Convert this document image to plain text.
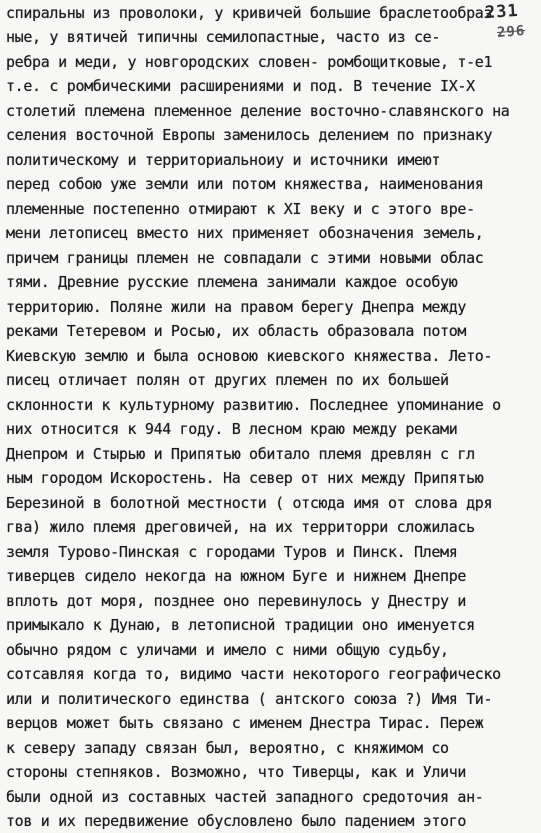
231
296
спиральны из проволоки, у кривичей большие браслетообраз
ные, у вятичей типичны семилопастные, часто из се-
ребра и меди, у новгородских словен- ромбощитковые, т-е1
т.е. с ромбическими расширениями и под. В течение IX-X
столетий племена племенное деление восточно-славянского на
селения восточной Европы заменилось делением по признаку
политическому и территориальноиу и источники имеют
перед собою уже земли или потом княжества, наименования
племенные постепенно отмирают к XI веку и с этого вре-
мени летописец вместо них применяет обозначения земель,
причем границы племен не совпадали с этими новыми облас
тями. Древние русские племена занимали каждое особую
территорию. Поляне жили на правом берегу Днепра между
реками Тетеревом и Росью, их область образовала потом
Киевскую землю и была основою киевского княжества. Лето-
писец отличает полян от других племен по их большей
склонности к культурному развитию. Последнее упоминание о
них относится к 944 году. В лесном краю между реками
Днепром и Стырью и Припятью обитало племя древлян с гл
ным городом Искоростень. На север от них между Припятью
Березиной в болотной местности ( отсюда имя от слова дря
гва) жило племя дреговичей, на их территорри сложилась
земля Турово-Пинская с городами Туров и Пинск. Племя
тиверцев сидело некогда на южном Буге и нижнем Днепре
вплоть дот моря, позднее оно перевинулось у Днестру и
примыкало к Дунаю, в летописной традиции оно именуется
обычно рядом с уличами и имело с ними общую судьбу,
сотсавляя когда то, видимо части некоторого географическо
или и политического единства ( антского союза ?) Имя Ти-
верцов может быть связано с именем Днестра Тирас. Переж
к северу западу связан был, вероятно, с княжимом со
стороны степняков. Возможно, что Тиверцы, как и Уличи
были одной из составных частей западного средоточия ан-
тов и их передвижение обусловлено было падением этого
